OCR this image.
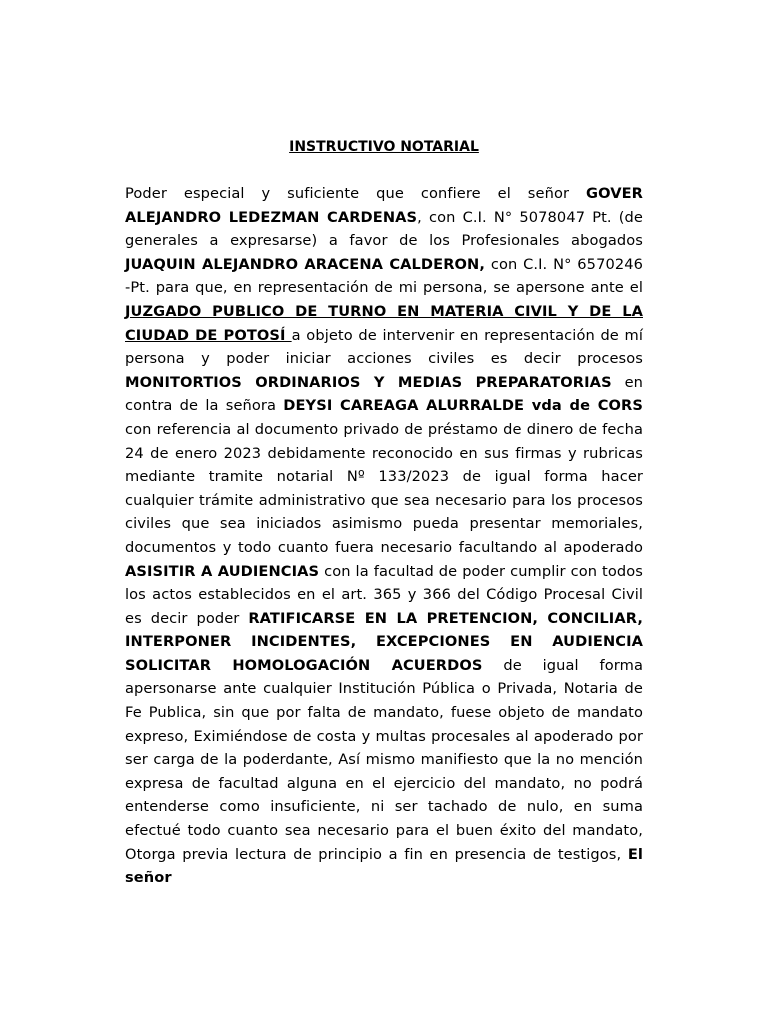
INSTRUCTIVO NOTARIAL

Poder especial y suficiente que confiere el señor GOVER ALEJANDRO LEDEZMAN CARDENAS, con C.I. N° 5078047 Pt. (de generales a expresarse) a favor de los Profesionales abogados JUAQUIN ALEJANDRO ARACENA CALDERON, con C.I. N° 6570246 -Pt. para que, en representación de mi persona, se apersone ante el JUZGADO PUBLICO DE TURNO EN MATERIA CIVIL Y DE LA CIUDAD DE POTOSÍ a objeto de intervenir en representación de mí persona y poder iniciar acciones civiles es decir procesos MONITORTIOS ORDINARIOS Y MEDIAS PREPARATORIAS en contra de la señora DEYSI CAREAGA ALURRALDE vda de CORS con referencia al documento privado de préstamo de dinero de fecha 24 de enero 2023 debidamente reconocido en sus firmas y rubricas mediante tramite notarial Nº 133/2023 de igual forma hacer cualquier trámite administrativo que sea necesario para los procesos civiles que sea iniciados asimismo pueda presentar memoriales, documentos y todo cuanto fuera necesario facultando al apoderado ASISITIR A AUDIENCIAS con la facultad de poder cumplir con todos los actos establecidos en el art. 365 y 366 del Código Procesal Civil es decir poder RATIFICARSE EN LA PRETENCION, CONCILIAR, INTERPONER INCIDENTES, EXCEPCIONES EN AUDIENCIA SOLICITAR HOMOLOGACIÓN ACUERDOS de igual forma apersonarse ante cualquier Institución Pública o Privada, Notaria de Fe Publica, sin que por falta de mandato, fuese objeto de mandato expreso, Eximiéndose de costa y multas procesales al apoderado por ser carga de la poderdante, Así mismo manifiesto que la no mención expresa de facultad alguna en el ejercicio del mandato, no podrá entenderse como insuficiente, ni ser tachado de nulo, en suma efectué todo cuanto sea necesario para el buen éxito del mandato, Otorga previa lectura de principio a fin en presencia de testigos, El señor
